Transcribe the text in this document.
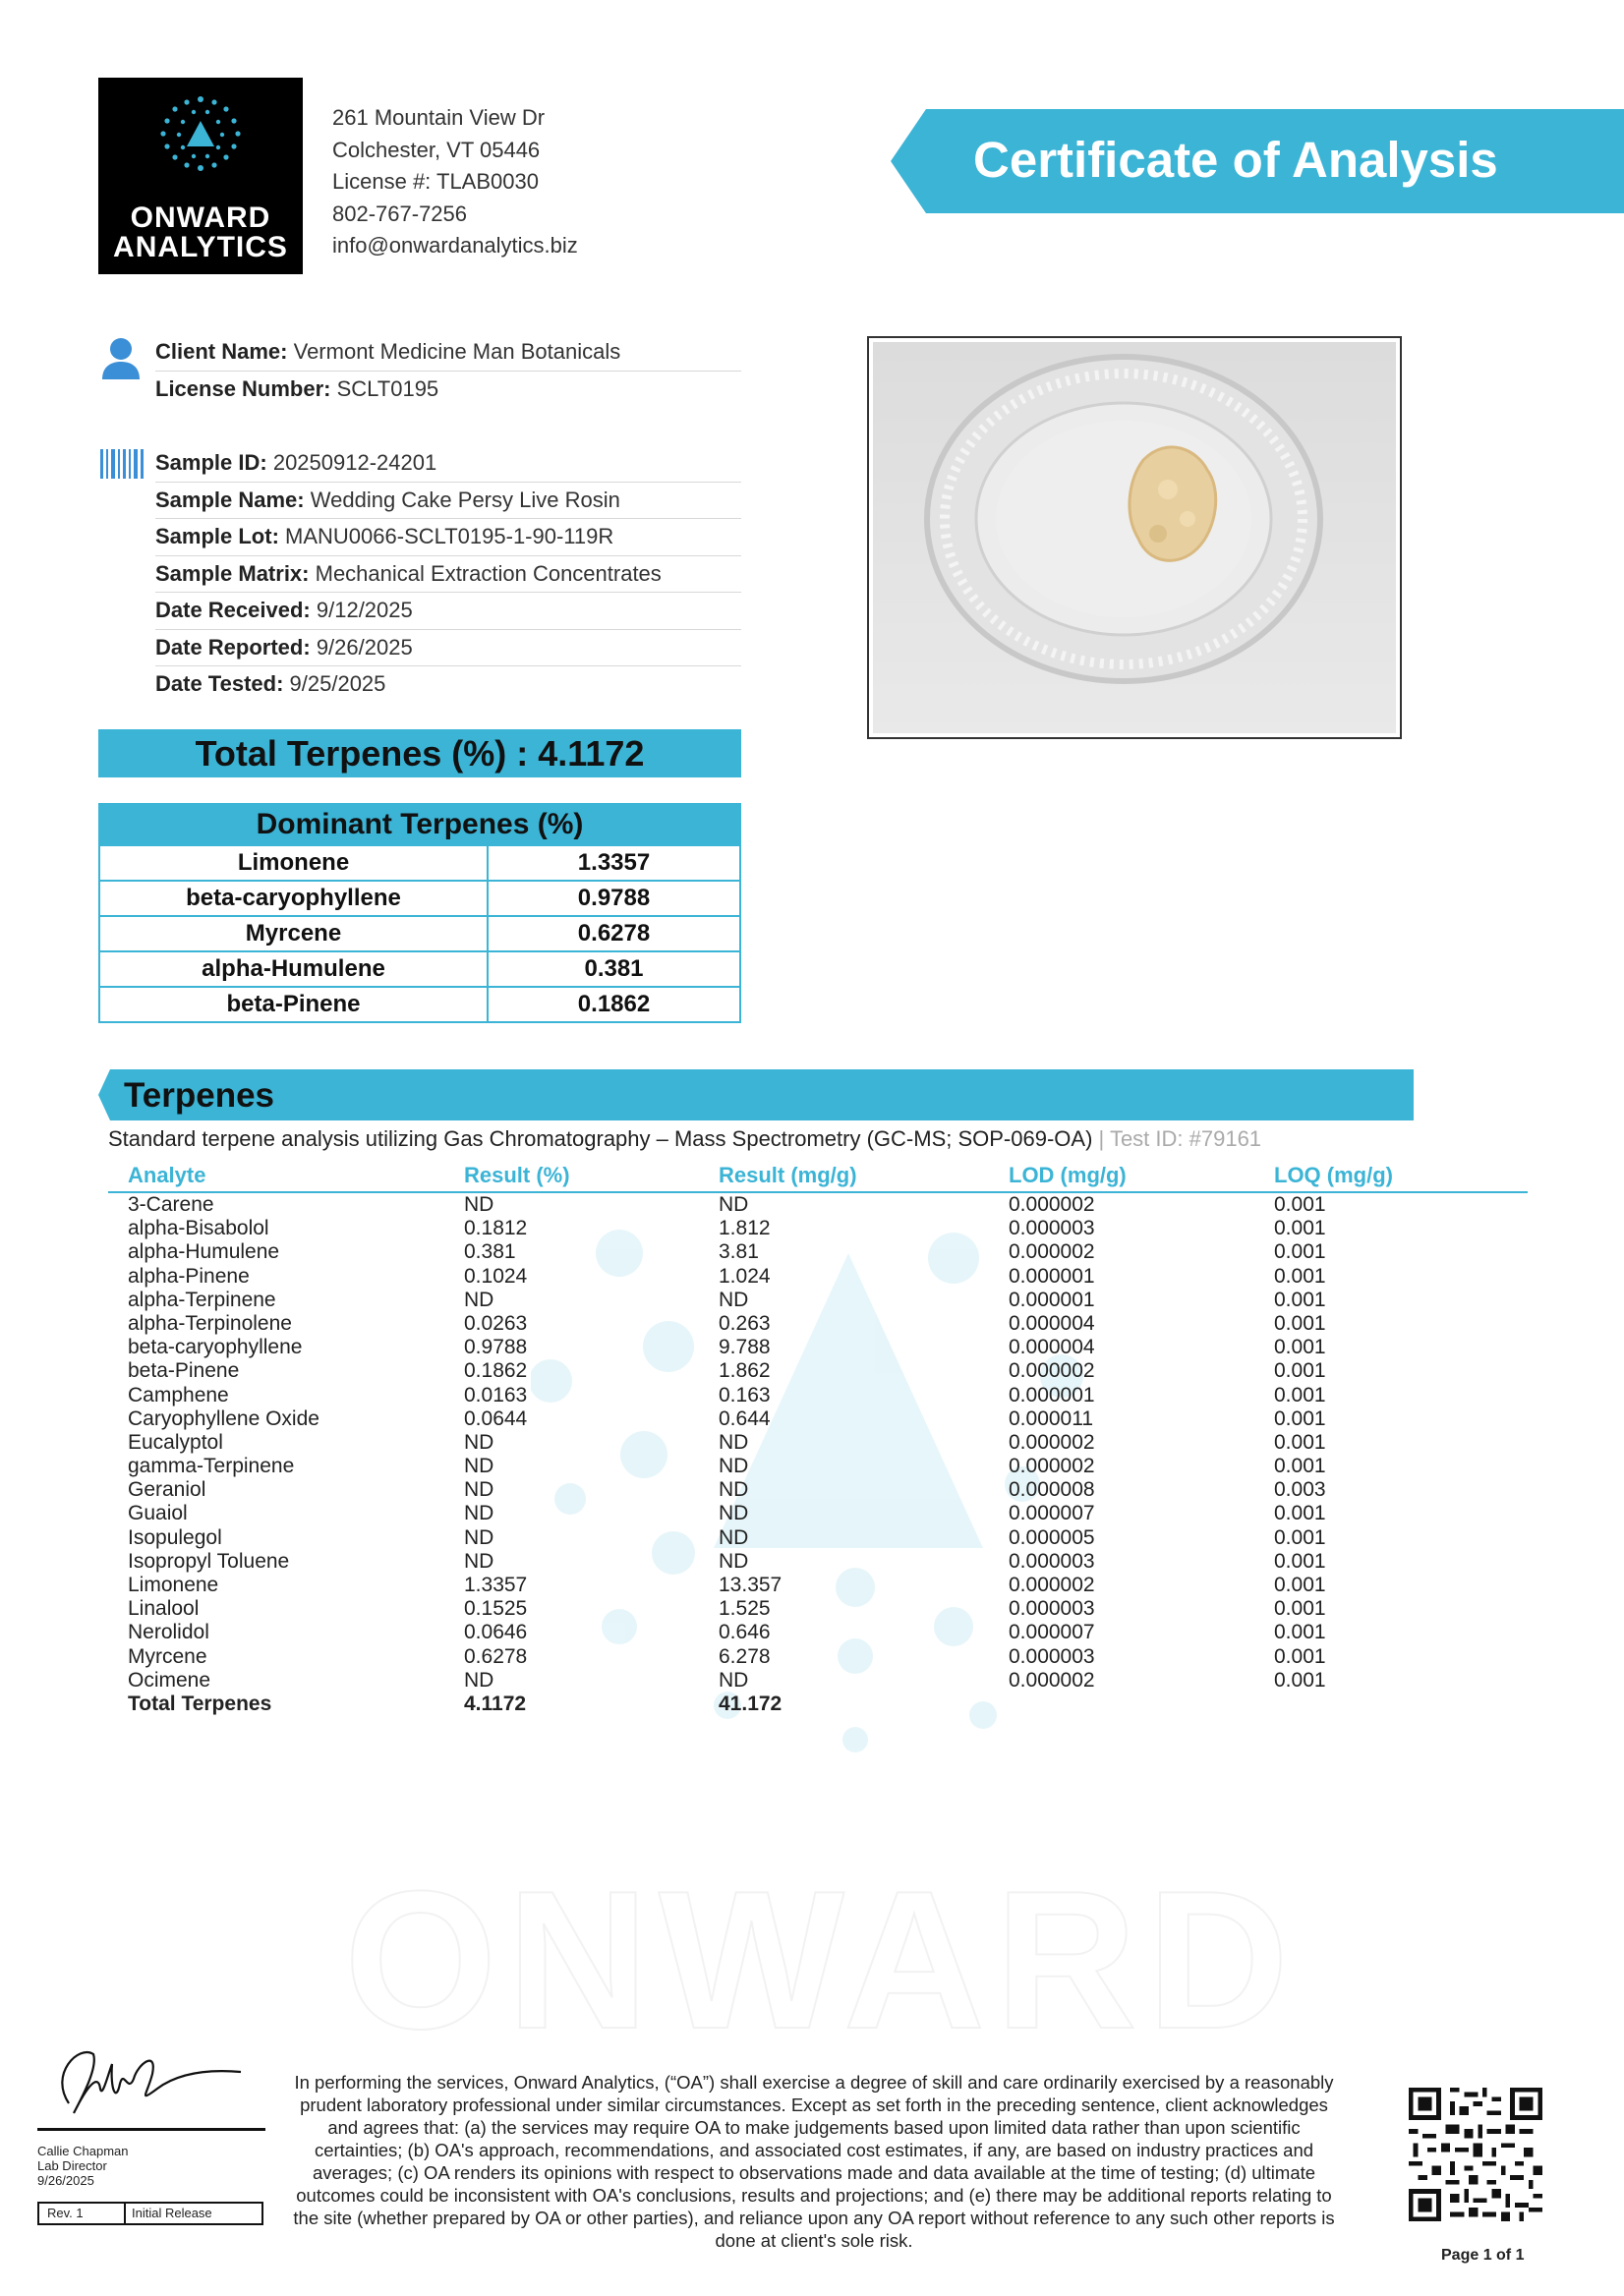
ONWARD
ANALYTICS
261 Mountain View Dr
Colchester, VT 05446
License #: TLAB0030
802-767-7256
info@onwardanalytics.biz
Certificate of Analysis
Client Name: Vermont Medicine Man Botanicals
License Number: SCLT0195
Sample ID: 20250912-24201
Sample Name: Wedding Cake Persy Live Rosin
Sample Lot: MANU0066-SCLT0195-1-90-119R
Sample Matrix: Mechanical Extraction Concentrates
Date Received: 9/12/2025
Date Reported: 9/26/2025
Date Tested: 9/25/2025
Total Terpenes (%) : 4.1172
Dominant Terpenes (%)
Limonene	1.3357
beta-caryophyllene	0.9788
Myrcene	0.6278
alpha-Humulene	0.381
beta-Pinene	0.1862
Terpenes
Standard terpene analysis utilizing Gas Chromatography – Mass Spectrometry (GC-MS; SOP-069-OA) | Test ID: #79161
ONWARD
Analyte	Result (%)	Result (mg/g)	LOD (mg/g)	LOQ (mg/g)
3-Carene	ND	ND	0.000002	0.001
alpha-Bisabolol	0.1812	1.812	0.000003	0.001
alpha-Humulene	0.381	3.81	0.000002	0.001
alpha-Pinene	0.1024	1.024	0.000001	0.001
alpha-Terpinene	ND	ND	0.000001	0.001
alpha-Terpinolene	0.0263	0.263	0.000004	0.001
beta-caryophyllene	0.9788	9.788	0.000004	0.001
beta-Pinene	0.1862	1.862	0.000002	0.001
Camphene	0.0163	0.163	0.000001	0.001
Caryophyllene Oxide	0.0644	0.644	0.000011	0.001
Eucalyptol	ND	ND	0.000002	0.001
gamma-Terpinene	ND	ND	0.000002	0.001
Geraniol	ND	ND	0.000008	0.003
Guaiol	ND	ND	0.000007	0.001
Isopulegol	ND	ND	0.000005	0.001
Isopropyl Toluene	ND	ND	0.000003	0.001
Limonene	1.3357	13.357	0.000002	0.001
Linalool	0.1525	1.525	0.000003	0.001
Nerolidol	0.0646	0.646	0.000007	0.001
Myrcene	0.6278	6.278	0.000003	0.001
Ocimene	ND	ND	0.000002	0.001
Total Terpenes	4.1172	41.172
Callie Chapman
Lab Director
9/26/2025
Rev. 1	Initial Release
In performing the services, Onward Analytics, (“OA”) shall exercise a degree of skill and care ordinarily exercised by a reasonably prudent laboratory professional under similar circumstances. Except as set forth in the preceding sentence, client acknowledges and agrees that: (a) the services may require OA to make judgements based upon limited data rather than upon scientific certainties; (b) OA's approach, recommendations, and associated cost estimates, if any, are based on industry practices and averages; (c) OA renders its opinions with respect to observations made and data available at the time of testing; (d) ultimate outcomes could be inconsistent with OA's conclusions, results and projections; and (e) there may be additional reports relating to the site (whether prepared by OA or other parties), and reliance upon any OA report without reference to any such other reports is done at client's sole risk.
Page 1 of 1
